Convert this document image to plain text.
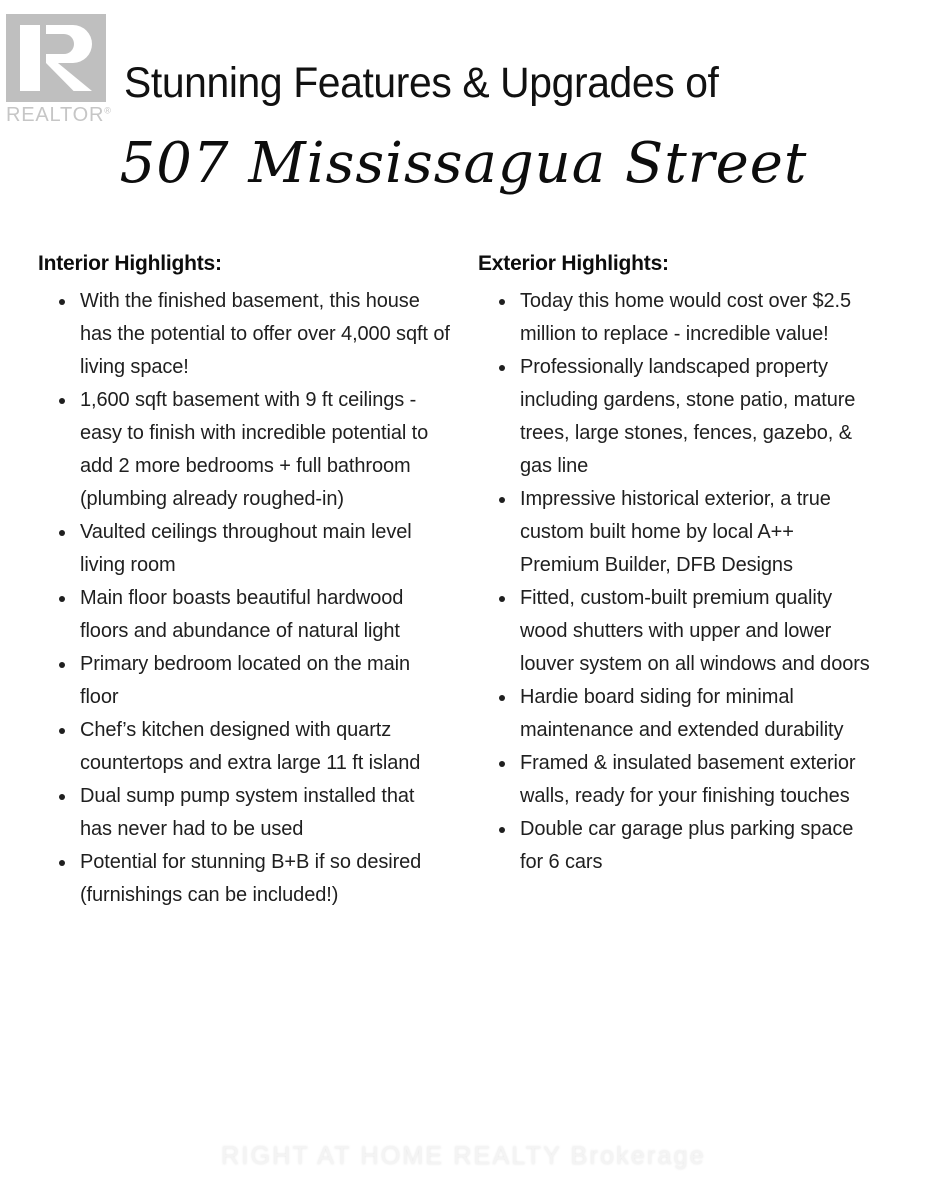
REALTOR®
Stunning Features & Upgrades of
507 Mississagua Street
Interior Highlights:
With the finished basement, this house has the potential to offer over 4,000 sqft of living space!
1,600 sqft basement with 9 ft ceilings - easy to finish with incredible potential to add 2 more bedrooms + full bathroom (plumbing already roughed-in)
Vaulted ceilings throughout main level living room
Main floor boasts beautiful hardwood floors and abundance of natural light
Primary bedroom located on the main floor
Chef’s kitchen designed with quartz countertops and extra large 11 ft island
Dual sump pump system installed that has never had to be used
Potential for stunning B+B if so desired (furnishings can be included!)
Exterior Highlights:
Today this home would cost over $2.5 million to replace - incredible value!
Professionally landscaped property including gardens, stone patio, mature trees, large stones, fences, gazebo, & gas line
Impressive historical exterior, a true custom built home by local A++ Premium Builder, DFB Designs
Fitted, custom-built premium quality wood shutters with upper and lower louver system on all windows and doors
Hardie board siding for minimal maintenance and extended durability
Framed & insulated basement exterior walls, ready for your finishing touches
Double car garage plus parking space for 6 cars
RIGHT AT HOME REALTY Brokerage
